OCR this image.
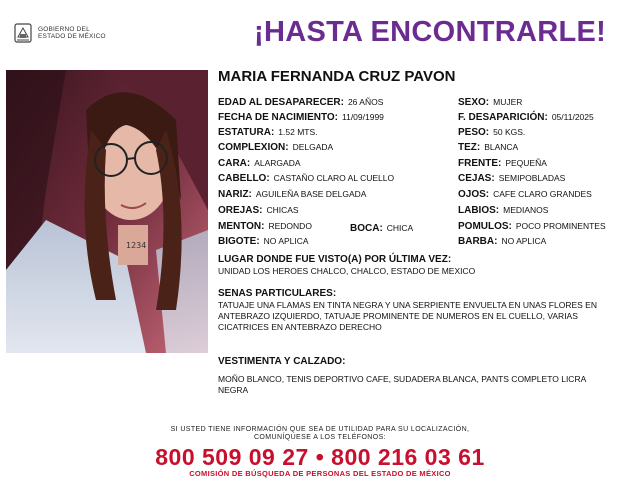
GOBIERNO DEL
ESTADO DE MÉXICO	¡HASTA ENCONTRARLE!
1234
MARIA FERNANDA CRUZ PAVON
EDAD AL DESAPARECER: 26 AÑOS
FECHA DE NACIMIENTO: 11/09/1999
ESTATURA: 1.52 MTS.
COMPLEXION: DELGADA
CARA: ALARGADA
CABELLO: CASTAÑO CLARO AL CUELLO
NARIZ: AGUILEÑA BASE DELGADA
OREJAS: CHICAS
MENTON: REDONDO	BOCA: CHICA
BIGOTE: NO APLICA
SEXO: MUJER
F. DESAPARICIÓN: 05/11/2025
PESO: 50 KGS.
TEZ: BLANCA
FRENTE: PEQUEÑA
CEJAS: SEMIPOBLADAS
OJOS: CAFE CLARO GRANDES
LABIOS: MEDIANOS
POMULOS: POCO PROMINENTES
BARBA: NO APLICA
LUGAR DONDE FUE VISTO(A) POR ÚLTIMA VEZ:
UNIDAD LOS HEROES CHALCO, CHALCO, ESTADO DE MEXICO
SENAS PARTICULARES:
TATUAJE UNA FLAMAS EN TINTA NEGRA Y UNA SERPIENTE ENVUELTA EN UNAS FLORES EN ANTEBRAZO IZQUIERDO, TATUAJE PROMINENTE DE NUMEROS EN EL CUELLO, VARIAS CICATRICES EN ANTEBRAZO DERECHO
VESTIMENTA Y CALZADO:
MOÑO BLANCO, TENIS DEPORTIVO CAFE, SUDADERA BLANCA, PANTS COMPLETO LICRA NEGRA
SI USTED TIENE INFORMACIÓN QUE SEA DE UTILIDAD PARA SU LOCALIZACIÓN,
COMUNÍQUESE A LOS TELÉFONOS:
800 509 09 27 • 800 216 03 61
COMISIÓN DE BÚSQUEDA DE PERSONAS DEL ESTADO DE MÉXICO
